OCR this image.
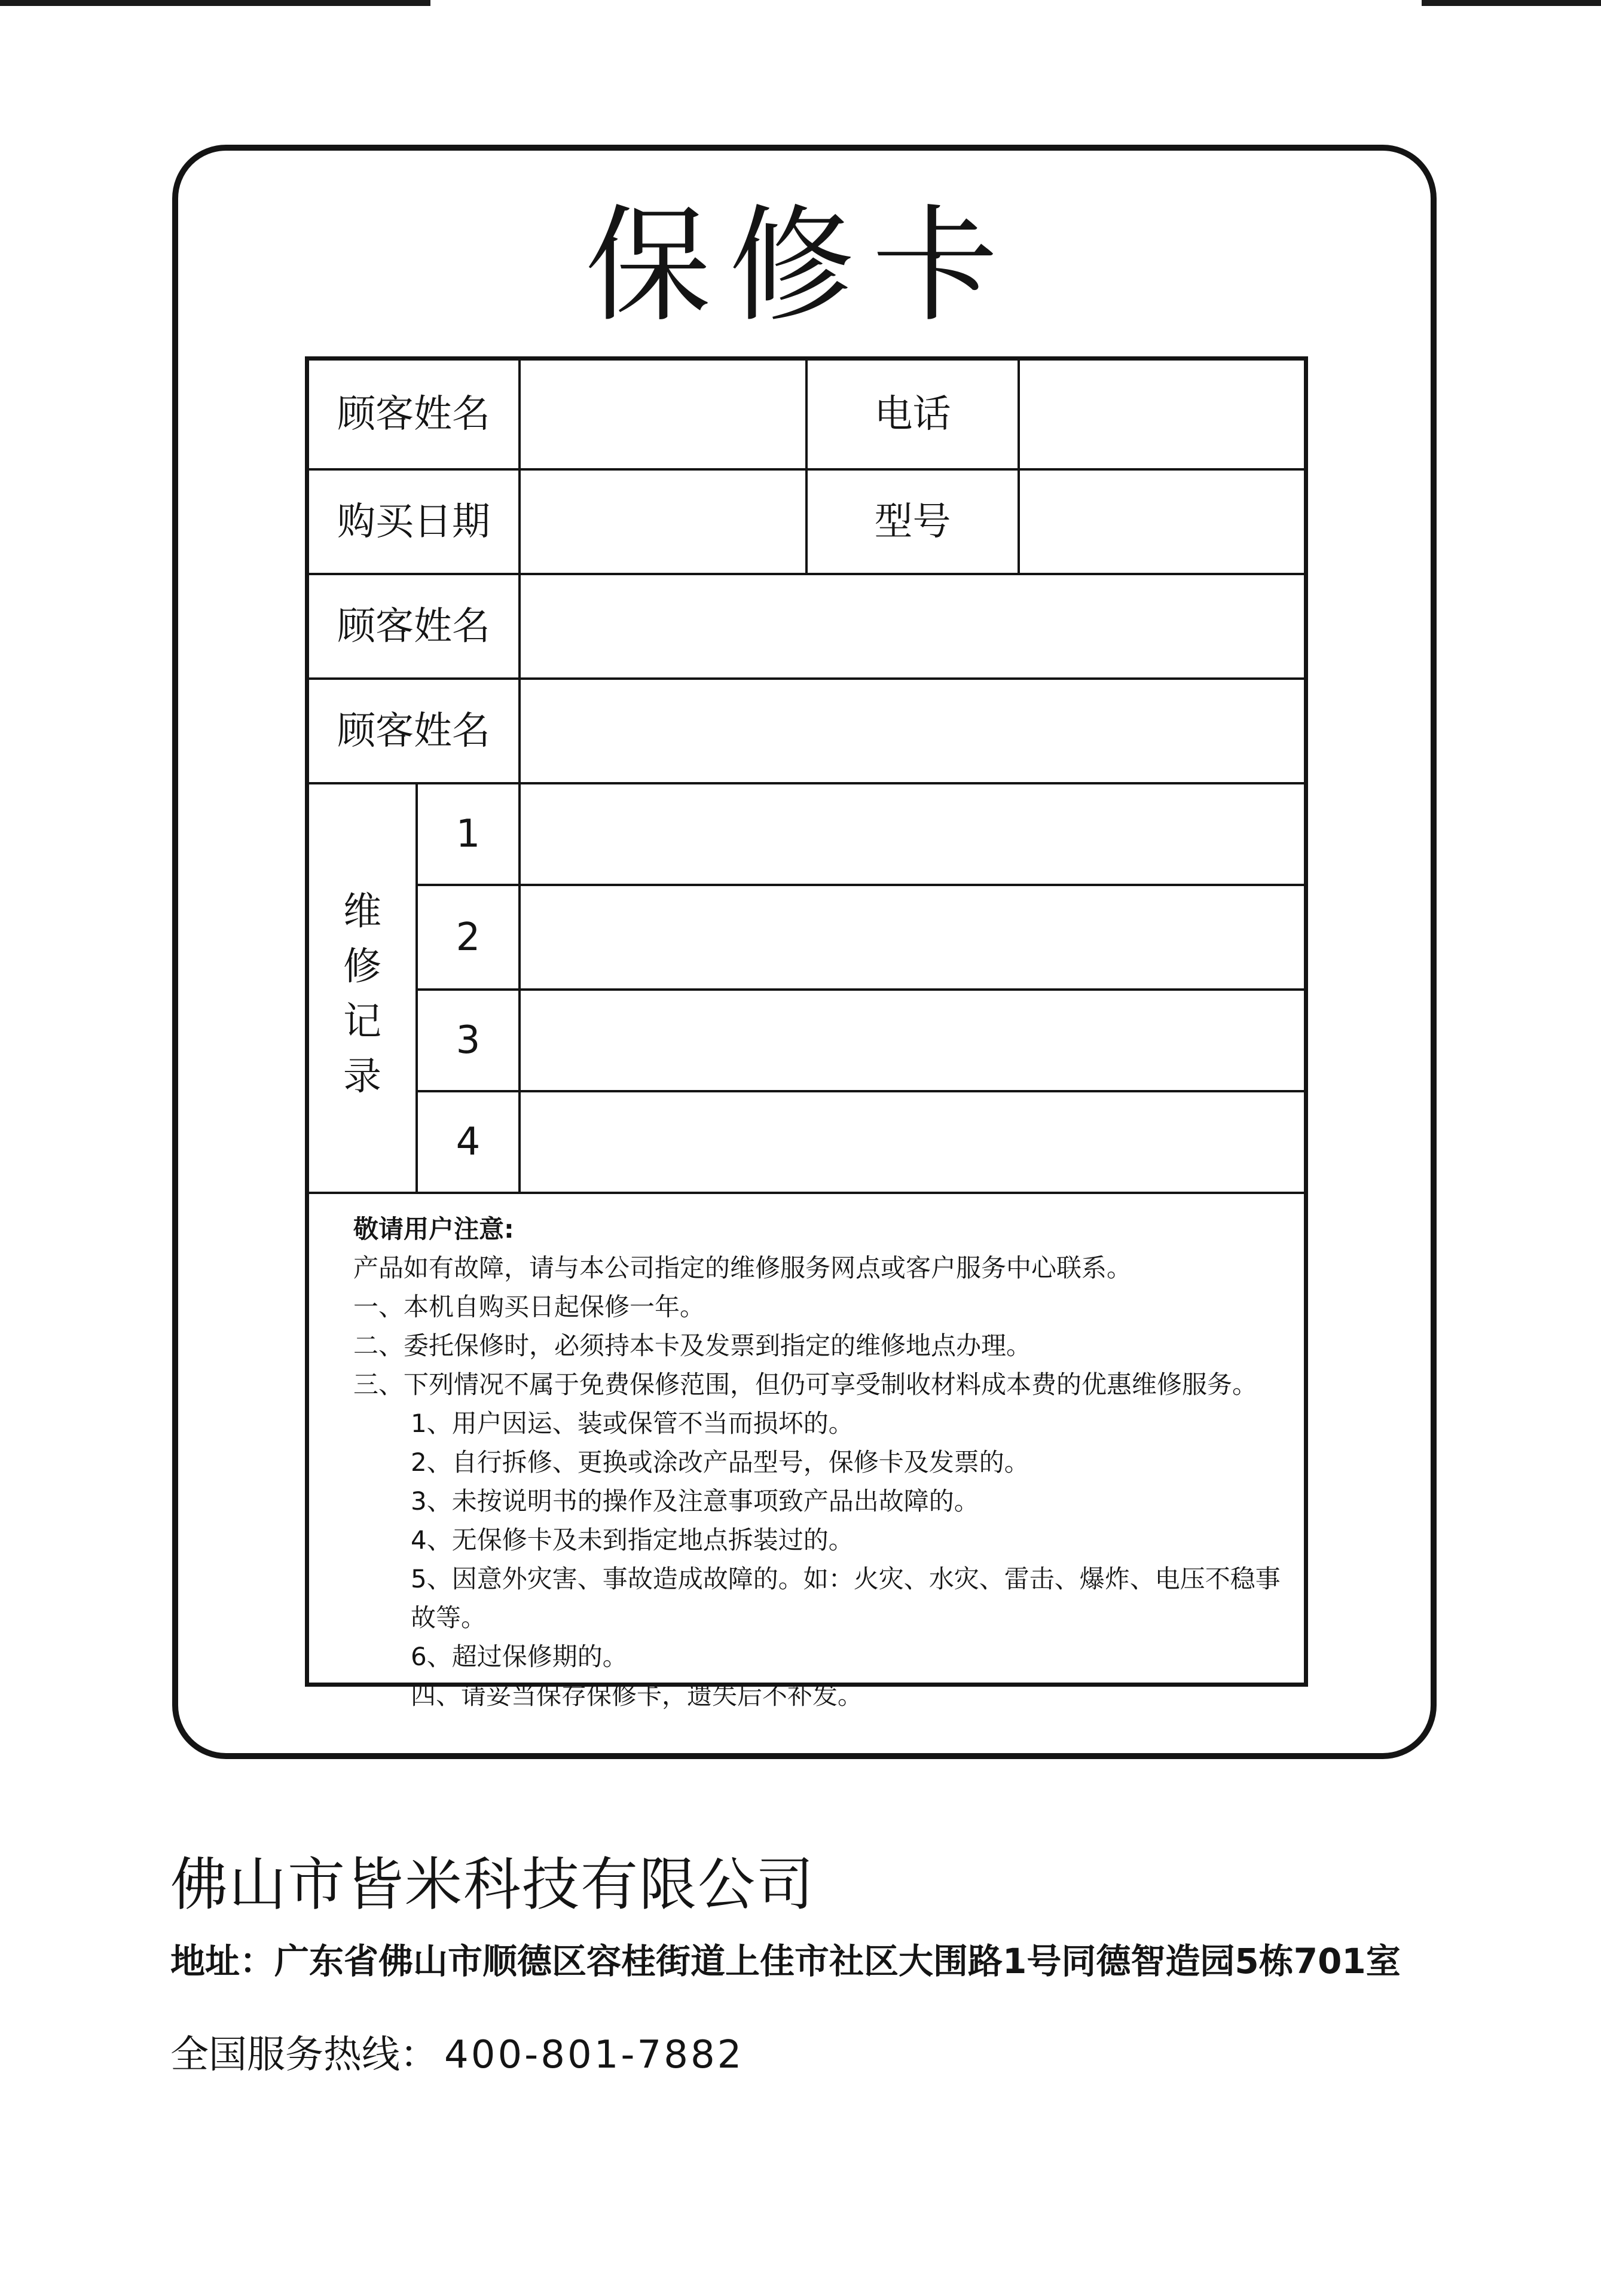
保修卡
顾客姓名	电话
购买日期	型号
顾客姓名
顾客姓名
维
修
记
录
1
2
3
4
敬请用户注意:
产品如有故障，请与本公司指定的维修服务网点或客户服务中心联系。
一、本机自购买日起保修一年。
二、委托保修时，必须持本卡及发票到指定的维修地点办理。
三、下列情况不属于免费保修范围，但仍可享受制收材料成本费的优惠维修服务。
1、用户因运、装或保管不当而损坏的。
2、自行拆修、更换或涂改产品型号，保修卡及发票的。
3、未按说明书的操作及注意事项致产品出故障的。
4、无保修卡及未到指定地点拆装过的。
5、因意外灾害、事故造成故障的。如：火灾、水灾、雷击、爆炸、电压不稳事故等。
6、超过保修期的。
四、请妥当保存保修卡，遗失后不补发。
佛山市皆米科技有限公司
地址：广东省佛山市顺德区容桂街道上佳市社区大围路1号同德智造园5栋701室
全国服务热线： 400-801-7882
